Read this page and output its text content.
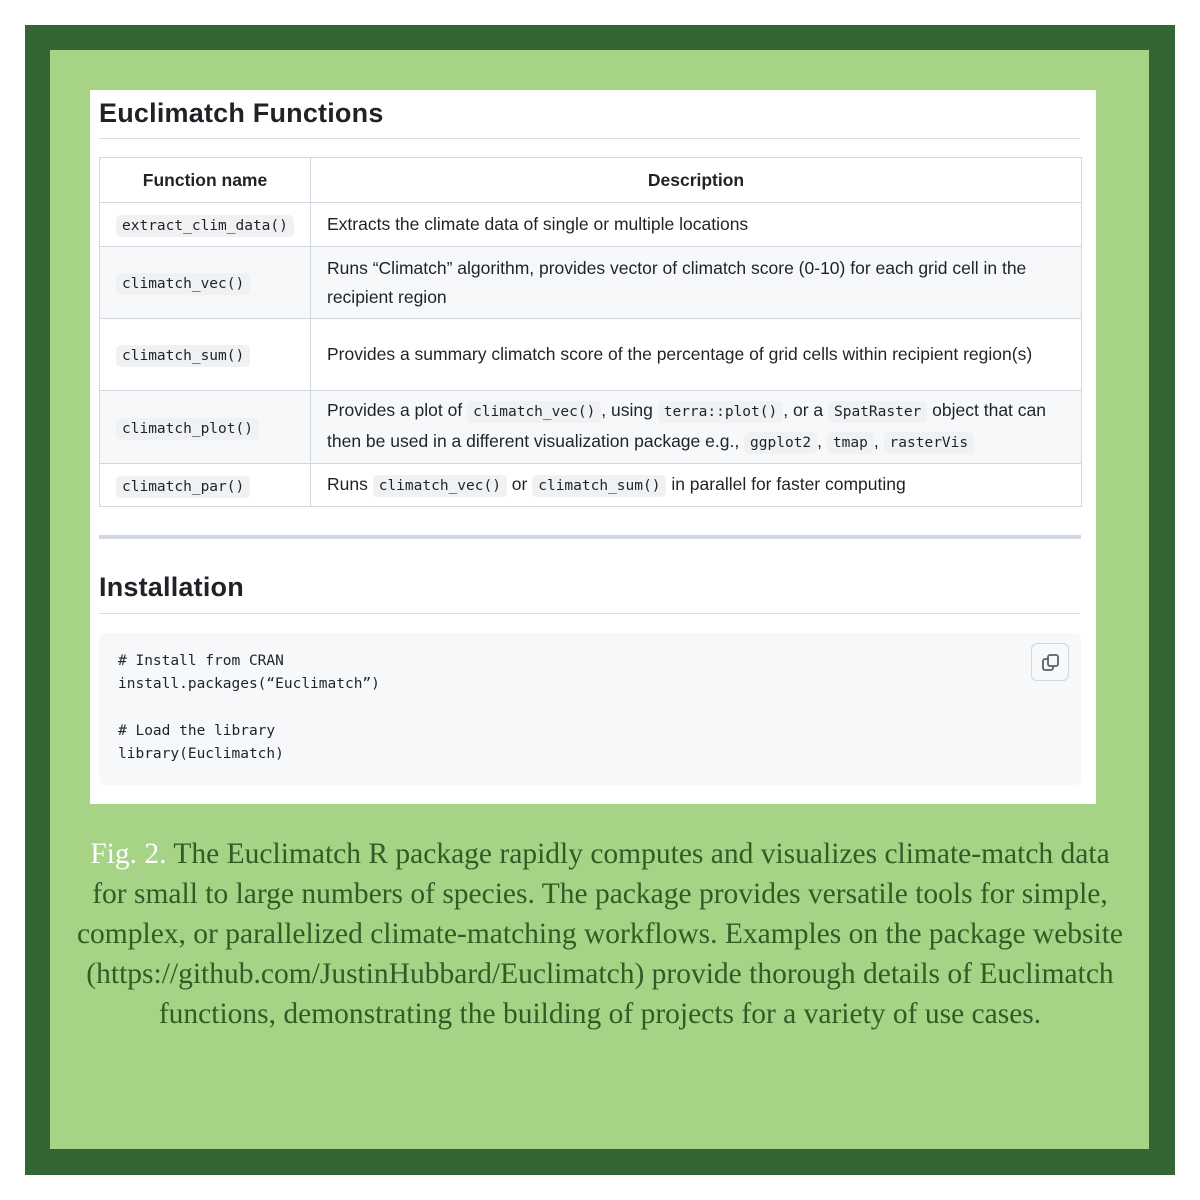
Euclimatch Functions
Function name	Description
extract_clim_data()	Extracts the climate data of single or multiple locations
climatch_vec()	Runs “Climatch” algorithm, provides vector of climatch score (0-10) for each grid cell in the recipient region
climatch_sum()	Provides a summary climatch score of the percentage of grid cells within recipient region(s)
climatch_plot()	Provides a plot of climatch_vec() , using terra::plot() , or a SpatRaster object that can then be used in a different visualization package e.g., ggplot2 , tmap , rasterVis
climatch_par()	Runs climatch_vec() or climatch_sum() in parallel for faster computing
Installation
# Install from CRAN
install.packages(“Euclimatch”)
# Load the library
library(Euclimatch)

Fig. 2. The Euclimatch R package rapidly computes and visualizes climate-match data for small to large numbers of species. The package provides versatile tools for simple, complex, or parallelized climate-matching workflows. Examples on the package website (https://github.com/JustinHubbard/Euclimatch) provide thorough details of Euclimatch functions, demonstrating the building of projects for a variety of use cases.
